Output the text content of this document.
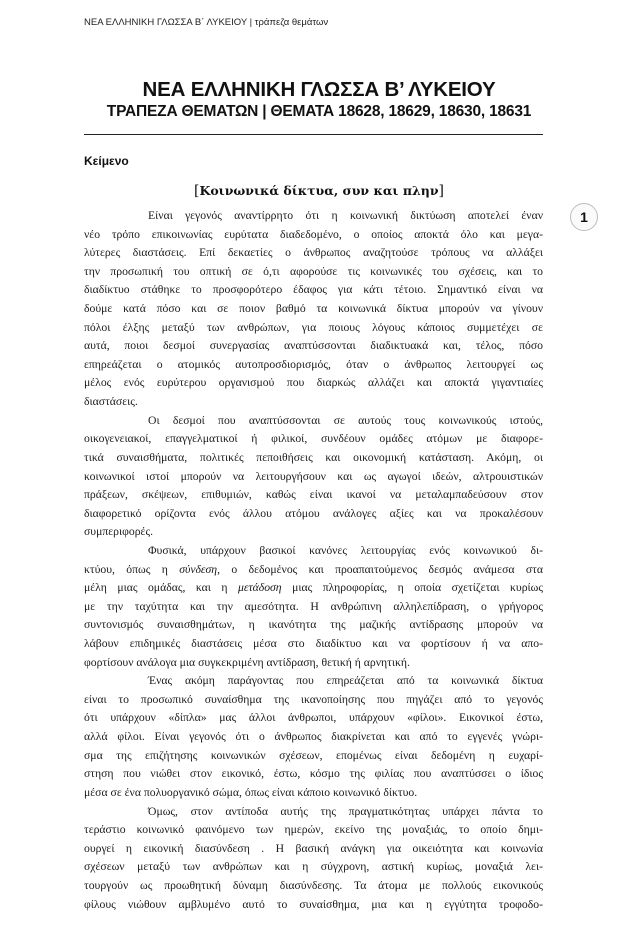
ΝΕΑ ΕΛΛΗΝΙΚΗ ΓΛΩΣΣΑ Β΄ ΛΥΚΕΙΟΥ | τράπεζα θεμάτων
ΝΕΑ ΕΛΛΗΝΙΚΗ ΓΛΩΣΣΑ Β’ ΛΥΚΕΙΟΥ
ΤΡΑΠΕΖΑ ΘΕΜΑΤΩΝ | ΘΕΜΑΤΑ 18628, 18629, 18630, 18631
Κείμενο
[Κοινωνικά δίκτυα, συν και πλην]
1
Είναι γεγονός αναντίρρητο ότι η κοινωνική δικτύωση αποτελεί έναν
νέο τρόπο επικοινωνίας ευρύτατα διαδεδομένο, ο οποίος αποκτά όλο και μεγα-
λύτερες διαστάσεις. Επί δεκαετίες ο άνθρωπος αναζητούσε τρόπους να αλλάξει
την προσωπική του οπτική σε ό,τι αφορούσε τις κοινωνικές του σχέσεις, και το
διαδίκτυο στάθηκε το προσφορότερο έδαφος για κάτι τέτοιο. Σημαντικό είναι να
δούμε κατά πόσο και σε ποιον βαθμό τα κοινωνικά δίκτυα μπορούν να γίνουν
πόλοι έλξης μεταξύ των ανθρώπων, για ποιους λόγους κάποιος συμμετέχει σε
αυτά, ποιοι δεσμοί συνεργασίας αναπτύσσονται διαδικτυακά και, τέλος, πόσο
επηρεάζεται ο ατομικός αυτοπροσδιορισμός, όταν ο άνθρωπος λειτουργεί ως
μέλος ενός ευρύτερου οργανισμού που διαρκώς αλλάζει και αποκτά γιγαντιαίες
διαστάσεις.
Οι δεσμοί που αναπτύσσονται σε αυτούς τους κοινωνικούς ιστούς,
οικογενειακοί, επαγγελματικοί ή φιλικοί, συνδέουν ομάδες ατόμων με διαφορε-
τικά συναισθήματα, πολιτικές πεποιθήσεις και οικονομική κατάσταση. Ακόμη, οι
κοινωνικοί ιστοί μπορούν να λειτουργήσουν και ως αγωγοί ιδεών, αλτρουιστικών
πράξεων, σκέψεων, επιθυμιών, καθώς είναι ικανοί να μεταλαμπαδεύσουν στον
διαφορετικό ορίζοντα ενός άλλου ατόμου ανάλογες αξίες και να προκαλέσουν
συμπεριφορές.
Φυσικά, υπάρχουν βασικοί κανόνες λειτουργίας ενός κοινωνικού δι-
κτύου, όπως η σύνδεση, ο δεδομένος και προαπαιτούμενος δεσμός ανάμεσα στα
μέλη μιας ομάδας, και η μετάδοση μιας πληροφορίας, η οποία σχετίζεται κυρίως
με την ταχύτητα και την αμεσότητα. Η ανθρώπινη αλληλεπίδραση, ο γρήγορος
συντονισμός συναισθημάτων, η ικανότητα της μαζικής αντίδρασης μπορούν να
λάβουν επιδημικές διαστάσεις μέσα στο διαδίκτυο και να φορτίσουν ή να απο-
φορτίσουν ανάλογα μια συγκεκριμένη αντίδραση, θετική ή αρνητική.
Ένας ακόμη παράγοντας που επηρεάζεται από τα κοινωνικά δίκτυα
είναι το προσωπικό συναίσθημα της ικανοποίησης που πηγάζει από το γεγονός
ότι υπάρχουν «δίπλα» μας άλλοι άνθρωποι, υπάρχουν «φίλοι». Εικονικοί έστω,
αλλά φίλοι. Είναι γεγονός ότι ο άνθρωπος διακρίνεται και από το εγγενές γνώρι-
σμα της επιζήτησης κοινωνικών σχέσεων, επομένως είναι δεδομένη η ευχαρί-
στηση που νιώθει στον εικονικό, έστω, κόσμο της φιλίας που αναπτύσσει ο ίδιος
μέσα σε ένα πολυοργανικό σώμα, όπως είναι κάποιο κοινωνικό δίκτυο.
Όμως, στον αντίποδα αυτής της πραγματικότητας υπάρχει πάντα το
τεράστιο κοινωνικό φαινόμενο των ημερών, εκείνο της μοναξιάς, το οποίο δημι-
ουργεί η εικονική διασύνδεση . Η βασική ανάγκη για οικειότητα και κοινωνία
σχέσεων μεταξύ των ανθρώπων και η σύγχρονη, αστική κυρίως, μοναξιά λει-
τουργούν ως προωθητική δύναμη διασύνδεσης. Τα άτομα με πολλούς εικονικούς
φίλους νιώθουν αμβλυμένο αυτό το συναίσθημα, μια και η εγγύτητα τροφοδο-
